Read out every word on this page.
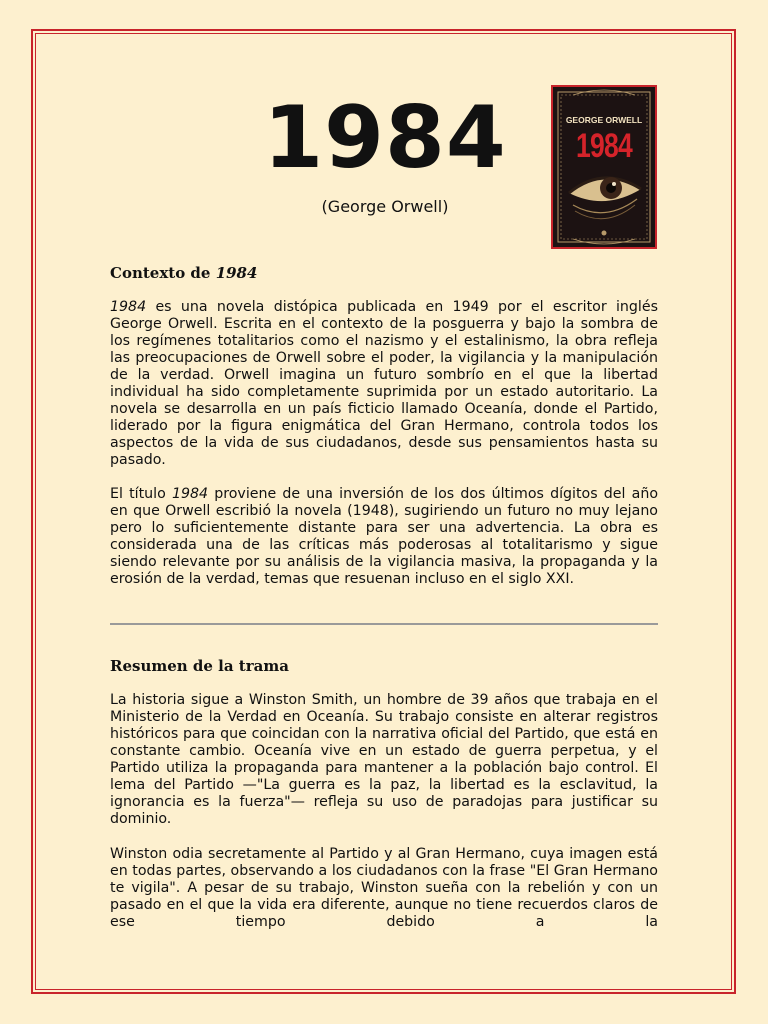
1984
(George Orwell)
GEORGE ORWELL
1984
Contexto de 1984

1984 es una novela distópica publicada en 1949 por el escritor inglés George Orwell. Escrita en el contexto de la posguerra y bajo la sombra de los regímenes totalitarios como el nazismo y el estalinismo, la obra refleja las preocupaciones de Orwell sobre el poder, la vigilancia y la manipulación de la verdad. Orwell imagina un futuro sombrío en el que la libertad individual ha sido completamente suprimida por un estado autoritario. La novela se desarrolla en un país ficticio llamado Oceanía, donde el Partido, liderado por la figura enigmática del Gran Hermano, controla todos los aspectos de la vida de sus ciudadanos, desde sus pensamientos hasta su pasado.

El título 1984 proviene de una inversión de los dos últimos dígitos del año en que Orwell escribió la novela (1948), sugiriendo un futuro no muy lejano pero lo suficientemente distante para ser una advertencia. La obra es considerada una de las críticas más poderosas al totalitarismo y sigue siendo relevante por su análisis de la vigilancia masiva, la propaganda y la erosión de la verdad, temas que resuenan incluso en el siglo XXI.

Resumen de la trama

La historia sigue a Winston Smith, un hombre de 39 años que trabaja en el Ministerio de la Verdad en Oceanía. Su trabajo consiste en alterar registros históricos para que coincidan con la narrativa oficial del Partido, que está en constante cambio. Oceanía vive en un estado de guerra perpetua, y el Partido utiliza la propaganda para mantener a la población bajo control. El lema del Partido —"La guerra es la paz, la libertad es la esclavitud, la ignorancia es la fuerza"— refleja su uso de paradojas para justificar su dominio.

Winston odia secretamente al Partido y al Gran Hermano, cuya imagen está en todas partes, observando a los ciudadanos con la frase "El Gran Hermano te vigila". A pesar de su trabajo, Winston sueña con la rebelión y con un pasado en el que la vida era diferente, aunque no tiene recuerdos claros de ese tiempo debido a la
